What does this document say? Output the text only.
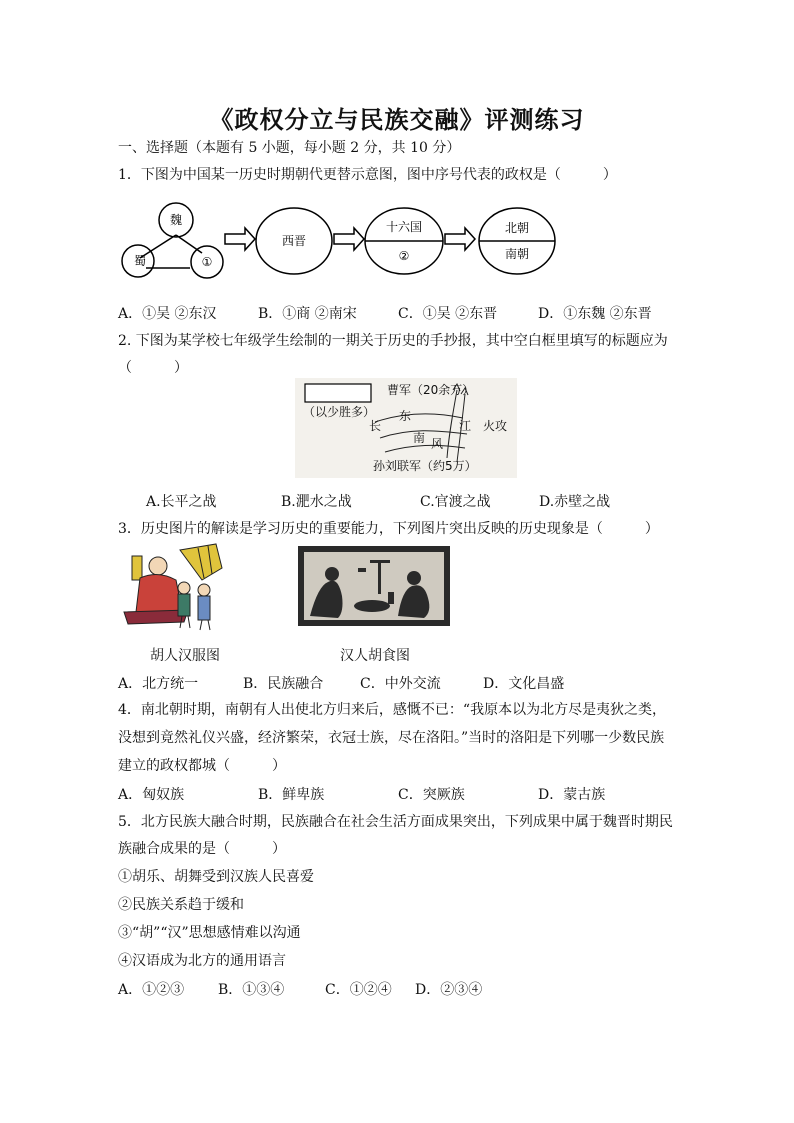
《政权分立与民族交融》评测练习
一、选择题（本题有 5 小题，每小题 2 分，共 10 分）
1．下图为中国某一历史时期朝代更替示意图，图中序号代表的政权是（　　　）
魏
蜀	①
西晋
十六国
②
北朝
南朝
A．①吴 ②东汉	B．①商 ②南宋	C．①吴 ②东晋	D．①东魏 ②东晋
2. 下图为某学校七年级学生绘制的一期关于历史的手抄报，其中空白框里填写的标题应为
（　　　）
曹军（20余万）
（以少胜多） 东
长	江 火攻
南 风
孙刘联军（约5万）
A.长平之战	B.淝水之战	C.官渡之战	D.赤壁之战
3．历史图片的解读是学习历史的重要能力，下列图片突出反映的历史现象是（　　　）
胡人汉服图	汉人胡食图
A．北方统一	B．民族融合	C．中外交流	D．文化昌盛
4．南北朝时期，南朝有人出使北方归来后，感慨不已：“我原本以为北方尽是夷狄之类，
没想到竟然礼仪兴盛，经济繁荣，衣冠士族，尽在洛阳。”当时的洛阳是下列哪一少数民族
建立的政权都城（　　　）
A．匈奴族	B．鲜卑族	C．突厥族	D．蒙古族
5．北方民族大融合时期，民族融合在社会生活方面成果突出，下列成果中属于魏晋时期民
族融合成果的是（　　　）
①胡乐、胡舞受到汉族人民喜爱
②民族关系趋于缓和
③“胡”“汉”思想感情难以沟通
④汉语成为北方的通用语言
A．①②③ B．①③④	C．①②④ D．②③④
